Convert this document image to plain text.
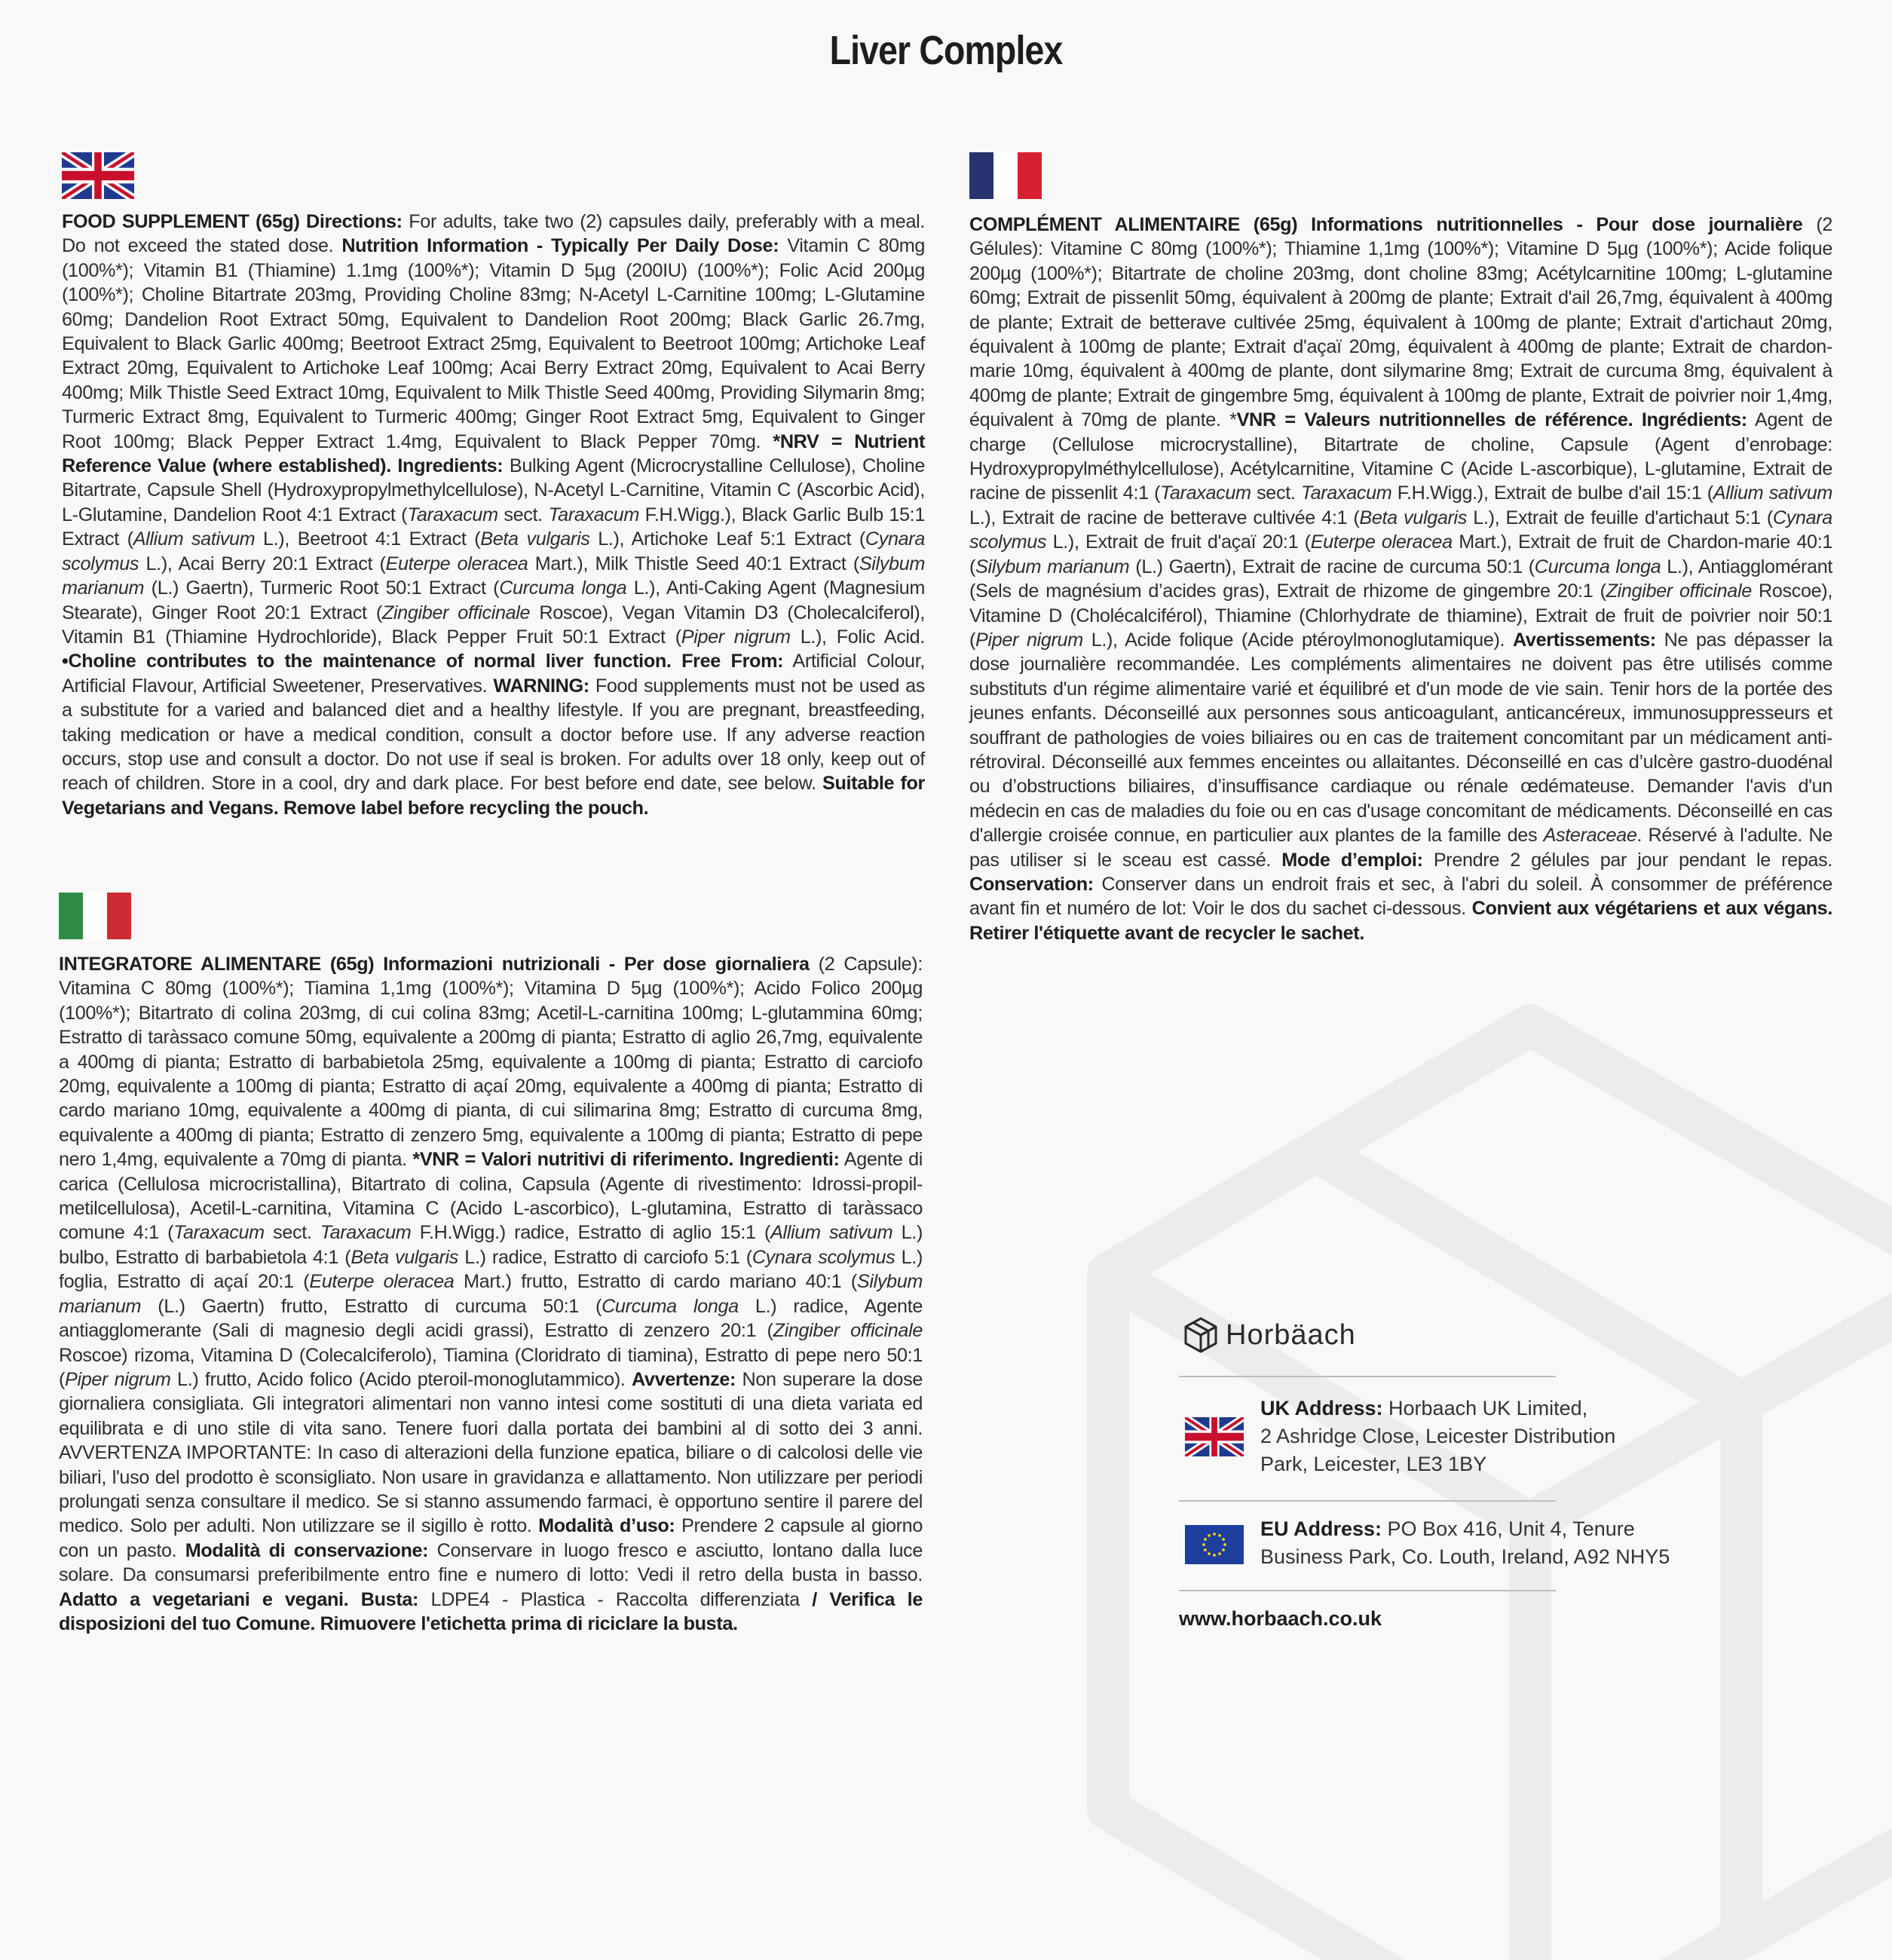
Liver Complex
FOOD SUPPLEMENT (65g) Directions: For adults, take two (2) capsules daily, preferably with a meal. Do not exceed the stated dose. Nutrition Information - Typically Per Daily Dose: Vitamin C 80mg (100%*); Vitamin B1 (Thiamine) 1.1mg (100%*); Vitamin D 5µg (200IU) (100%*); Folic Acid 200µg (100%*); Choline Bitartrate 203mg, Providing Choline 83mg; N-Acetyl L-Carnitine 100mg; L-Glutamine 60mg; Dandelion Root Extract 50mg, Equivalent to Dandelion Root 200mg; Black Garlic 26.7mg, Equivalent to Black Garlic 400mg; Beetroot Extract 25mg, Equivalent to Beetroot 100mg; Artichoke Leaf Extract 20mg, Equivalent to Artichoke Leaf 100mg; Acai Berry Extract 20mg, Equivalent to Acai Berry 400mg; Milk Thistle Seed Extract 10mg, Equivalent to Milk Thistle Seed 400mg, Providing Silymarin 8mg; Turmeric Extract 8mg, Equivalent to Turmeric 400mg; Ginger Root Extract 5mg, Equivalent to Ginger Root 100mg; Black Pepper Extract 1.4mg, Equivalent to Black Pepper 70mg. *NRV = Nutrient Reference Value (where established). Ingredients: Bulking Agent (Microcrystalline Cellulose), Choline Bitartrate, Capsule Shell (Hydroxypropylmethylcellulose), N-Acetyl L-Carnitine, Vitamin C (Ascorbic Acid), L-Glutamine, Dandelion Root 4:1 Extract (Taraxacum sect. Taraxacum F.H.Wigg.), Black Garlic Bulb 15:1 Extract (Allium sativum L.), Beetroot 4:1 Extract (Beta vulgaris L.), Artichoke Leaf 5:1 Extract (Cynara scolymus L.), Acai Berry 20:1 Extract (Euterpe oleracea Mart.), Milk Thistle Seed 40:1 Extract (Silybum marianum (L.) Gaertn), Turmeric Root 50:1 Extract (Curcuma longa L.), Anti-Caking Agent (Magnesium Stearate), Ginger Root 20:1 Extract (Zingiber officinale Roscoe), Vegan Vitamin D3 (Cholecalciferol), Vitamin B1 (Thiamine Hydrochloride), Black Pepper Fruit 50:1 Extract (Piper nigrum L.), Folic Acid. •Choline contributes to the maintenance of normal liver function. Free From: Artificial Colour, Artificial Flavour, Artificial Sweetener, Preservatives. WARNING: Food supplements must not be used as a substitute for a varied and balanced diet and a healthy lifestyle. If you are pregnant, breastfeeding, taking medication or have a medical condition, consult a doctor before use. If any adverse reaction occurs, stop use and consult a doctor. Do not use if seal is broken. For adults over 18 only, keep out of reach of children. Store in a cool, dry and dark place. For best before end date, see below. Suitable for Vegetarians and Vegans. Remove label before recycling the pouch.
COMPLÉMENT ALIMENTAIRE (65g) Informations nutritionnelles - Pour dose journalière (2 Gélules): Vitamine C 80mg (100%*); Thiamine 1,1mg (100%*); Vitamine D 5µg (100%*); Acide folique 200µg (100%*); Bitartrate de choline 203mg, dont choline 83mg; Acétylcarnitine 100mg; L-glutamine 60mg; Extrait de pissenlit 50mg, équivalent à 200mg de plante; Extrait d'ail 26,7mg, équivalent à 400mg de plante; Extrait de betterave cultivée 25mg, équivalent à 100mg de plante; Extrait d'artichaut 20mg, équivalent à 100mg de plante; Extrait d'açaï 20mg, équivalent à 400mg de plante; Extrait de chardon-marie 10mg, équivalent à 400mg de plante, dont silymarine 8mg; Extrait de curcuma 8mg, équivalent à 400mg de plante; Extrait de gingembre 5mg, équivalent à 100mg de plante, Extrait de poivrier noir 1,4mg, équivalent à 70mg de plante. *VNR = Valeurs nutritionnelles de référence. Ingrédients: Agent de charge (Cellulose microcrystalline), Bitartrate de choline, Capsule (Agent d’enrobage: Hydroxypropylméthylcellulose), Acétylcarnitine, Vitamine C (Acide L-ascorbique), L-glutamine, Extrait de racine de pissenlit 4:1 (Taraxacum sect. Taraxacum F.H.Wigg.), Extrait de bulbe d'ail 15:1 (Allium sativum L.), Extrait de racine de betterave cultivée 4:1 (Beta vulgaris L.), Extrait de feuille d'artichaut 5:1 (Cynara scolymus L.), Extrait de fruit d'açaï 20:1 (Euterpe oleracea Mart.), Extrait de fruit de Chardon-marie 40:1 (Silybum marianum (L.) Gaertn), Extrait de racine de curcuma 50:1 (Curcuma longa L.), Antiagglomérant (Sels de magnésium d’acides gras), Extrait de rhizome de gingembre 20:1 (Zingiber officinale Roscoe), Vitamine D (Cholécalciférol), Thiamine (Chlorhydrate de thiamine), Extrait de fruit de poivrier noir 50:1 (Piper nigrum L.), Acide folique (Acide ptéroylmonoglutamique). Avertissements: Ne pas dépasser la dose journalière recommandée. Les compléments alimentaires ne doivent pas être utilisés comme substituts d'un régime alimentaire varié et équilibré et d'un mode de vie sain. Tenir hors de la portée des jeunes enfants. Déconseillé aux personnes sous anticoagulant, anticancéreux, immunosuppresseurs et souffrant de pathologies de voies biliaires ou en cas de traitement concomitant par un médicament anti-rétroviral. Déconseillé aux femmes enceintes ou allaitantes. Déconseillé en cas d’ulcère gastro-duodénal ou d’obstructions biliaires, d’insuffisance cardiaque ou rénale œdémateuse. Demander l'avis d'un médecin en cas de maladies du foie ou en cas d'usage concomitant de médicaments. Déconseillé en cas d'allergie croisée connue, en particulier aux plantes de la famille des Asteraceae. Réservé à l'adulte. Ne pas utiliser si le sceau est cassé. Mode d’emploi: Prendre 2 gélules par jour pendant le repas. Conservation: Conserver dans un endroit frais et sec, à l'abri du soleil. À consommer de préférence avant fin et numéro de lot: Voir le dos du sachet ci-dessous. Convient aux végétariens et aux végans. Retirer l'étiquette avant de recycler le sachet.
INTEGRATORE ALIMENTARE (65g) Informazioni nutrizionali - Per dose giornaliera (2 Capsule): Vitamina C 80mg (100%*); Tiamina 1,1mg (100%*); Vitamina D 5µg (100%*); Acido Folico 200µg (100%*); Bitartrato di colina 203mg, di cui colina 83mg; Acetil-L-carnitina 100mg; L-glutammina 60mg; Estratto di taràssaco comune 50mg, equivalente a 200mg di pianta; Estratto di aglio 26,7mg, equivalente a 400mg di pianta; Estratto di barbabietola 25mg, equivalente a 100mg di pianta; Estratto di carciofo 20mg, equivalente a 100mg di pianta; Estratto di açaí 20mg, equivalente a 400mg di pianta; Estratto di cardo mariano 10mg, equivalente a 400mg di pianta, di cui silimarina 8mg; Estratto di curcuma 8mg, equivalente a 400mg di pianta; Estratto di zenzero 5mg, equivalente a 100mg di pianta; Estratto di pepe nero 1,4mg, equivalente a 70mg di pianta. *VNR = Valori nutritivi di riferimento. Ingredienti: Agente di carica (Cellulosa microcristallina), Bitartrato di colina, Capsula (Agente di rivestimento: Idrossi-propil-metilcellulosa), Acetil-L-carnitina, Vitamina C (Acido L-ascorbico), L-glutamina, Estratto di taràssaco comune 4:1 (Taraxacum sect. Taraxacum F.H.Wigg.) radice, Estratto di aglio 15:1 (Allium sativum L.) bulbo, Estratto di barbabietola 4:1 (Beta vulgaris L.) radice, Estratto di carciofo 5:1 (Cynara scolymus L.) foglia, Estratto di açaí 20:1 (Euterpe oleracea Mart.) frutto, Estratto di cardo mariano 40:1 (Silybum marianum (L.) Gaertn) frutto, Estratto di curcuma 50:1 (Curcuma longa L.) radice, Agente antiagglomerante (Sali di magnesio degli acidi grassi), Estratto di zenzero 20:1 (Zingiber officinale Roscoe) rizoma, Vitamina D (Colecalciferolo), Tiamina (Cloridrato di tiamina), Estratto di pepe nero 50:1 (Piper nigrum L.) frutto, Acido folico (Acido pteroil-monoglutammico). Avvertenze: Non superare la dose giornaliera consigliata. Gli integratori alimentari non vanno intesi come sostituti di una dieta variata ed equilibrata e di uno stile di vita sano. Tenere fuori dalla portata dei bambini al di sotto dei 3 anni. AVVERTENZA IMPORTANTE: In caso di alterazioni della funzione epatica, biliare o di calcolosi delle vie biliari, l'uso del prodotto è sconsigliato. Non usare in gravidanza e allattamento. Non utilizzare per periodi prolungati senza consultare il medico. Se si stanno assumendo farmaci, è opportuno sentire il parere del medico. Solo per adulti. Non utilizzare se il sigillo è rotto. Modalità d’uso: Prendere 2 capsule al giorno con un pasto. Modalità di conservazione: Conservare in luogo fresco e asciutto, lontano dalla luce solare. Da consumarsi preferibilmente entro fine e numero di lotto: Vedi il retro della busta in basso. Adatto a vegetariani e vegani. Busta: LDPE4 - Plastica - Raccolta differenziata / Verifica le disposizioni del tuo Comune. Rimuovere l'etichetta prima di riciclare la busta.
Horbäach
UK Address: Horbaach UK Limited,
2 Ashridge Close, Leicester Distribution
Park, Leicester, LE3 1BY
EU Address: PO Box 416, Unit 4, Tenure
Business Park, Co. Louth, Ireland, A92 NHY5
www.horbaach.co.uk
